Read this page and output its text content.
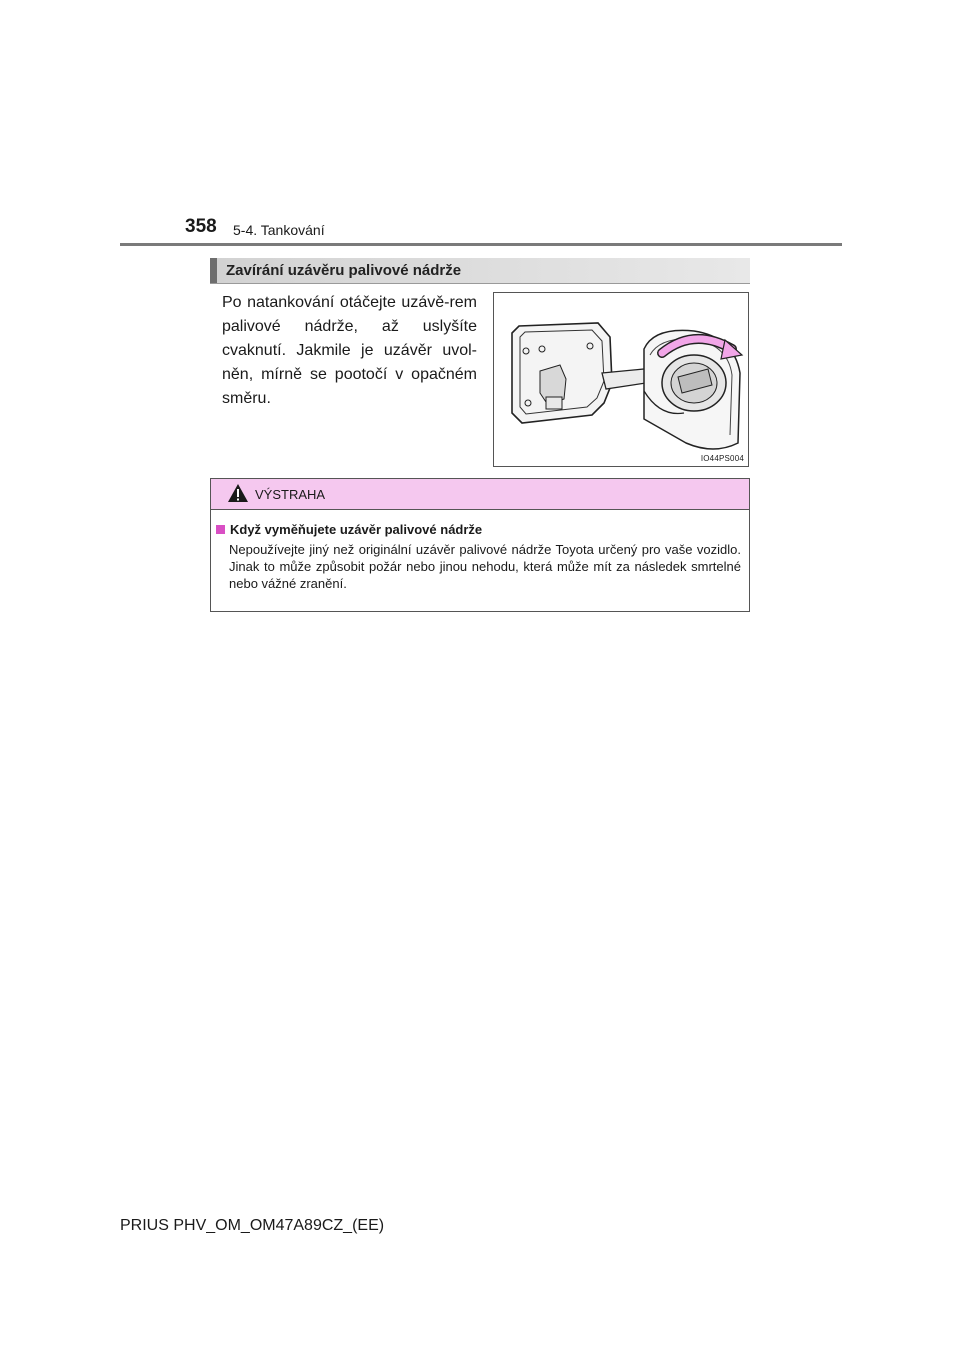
358 5-4. Tankování
Zavírání uzávěru palivové nádrže
Po natankování otáčejte uzávě-rem palivové nádrže, až uslyšíte cvaknutí. Jakmile je uzávěr uvol-něn, mírně se pootočí v opačném směru.
IO44PS004
VÝSTRAHA
Když vyměňujete uzávěr palivové nádrže
Nepoužívejte jiný než originální uzávěr palivové nádrže Toyota určený pro vaše vozidlo. Jinak to může způsobit požár nebo jinou nehodu, která může mít za následek smrtelné nebo vážné zranění.
PRIUS PHV_OM_OM47A89CZ_(EE)
